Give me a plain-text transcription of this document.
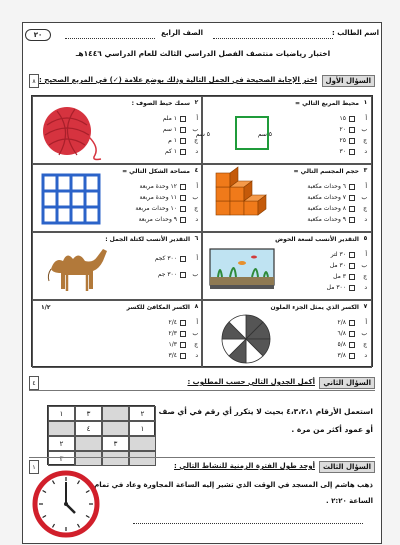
اسم الطالب :
الصف الرابع
٢٠
اختبار رياضيات منتصف الفصل الدراسي الثالث للعام الدراسي ١٤٤٦هـ
السؤال الأول
اختر الإجابة الصحيحة في الجمل التالية وذلك بوضع علامة (✓) في المربع الصحيح :
٨
١
محيط المربع التالي =
أ١٥
ب٢٠
ج٢٥
د٣٠
٥ سم	٥ سم
٢
سمك خيط الصوف :
أ١ ملم
ب١ سم
ج١ م
د١ كم
٣
حجم المجسم التالي =
أ٦ وحدات مكعبة
ب٧ وحدات مكعبة
ج٨ وحدات مكعبة
د٩ وحدات مكعبة
٤
مساحة الشكل التالي =
أ١٢ وحدة مربعة
ب١١ وحدة مربعة
ج١٠ وحدات مربعة
د٩ وحدات مربعة
٥
التقدير الأنسب لسعة الحوض
أ٣٠ لتر
ب٣٠ مل
ج٣ مل
د٣٠٠ مل
٦
التقدير الأنسب لكتلة الجمل :
أ٣٠٠ كجم
ب٣٠٠ جم
٧
الكسر الذي يمثل الجزء الملون
أ٢/٨
ب٦/٨
ج٥/٨
د٣/٨
٨
الكسر المكافئ للكسر
١/٢
أ٢/٤
ب٢/٣
ج١/٣
د٣/٤
السؤال الثاني
أكمل الجدول التالي حسب المطلوب :
٤
٢
٣
١
١
٤
٣
٢
٣
استعمل الأرقام ٤،٣،٢،١ بحيث لا يتكرر أي رقم في أي صف
أو عمود أكثر من مرة .
السؤال الثالث
أوجد طول الفترة الزمنية للنشاط التالي :
١
ذهب هاشم إلى المسجد في الوقت الذي تشير إليه الساعة المجاورة وعاد في تمام
الساعة ٢:٢٠ .
